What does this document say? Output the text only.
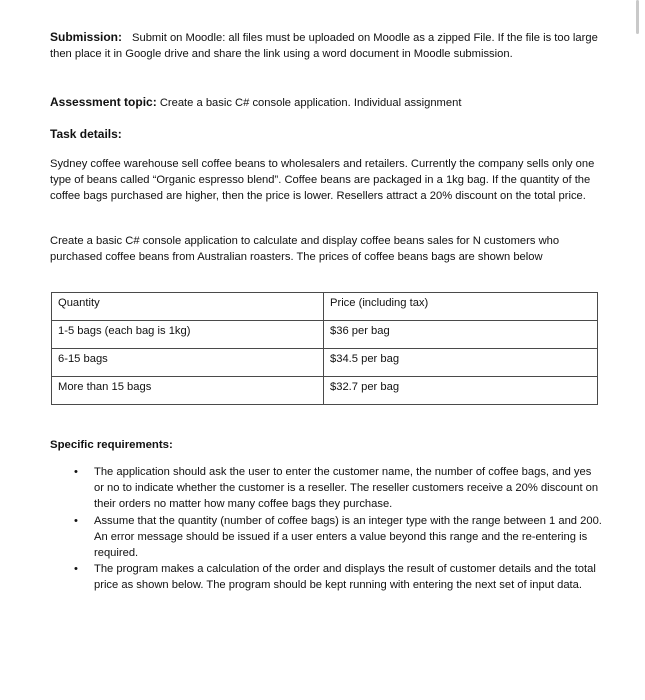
Submission: Submit on Moodle: all files must be uploaded on Moodle as a zipped File. If the file is too large then place it in Google drive and share the link using a word document in Moodle submission.
Assessment topic: Create a basic C# console application. Individual assignment
Task details:
Sydney coffee warehouse sell coffee beans to wholesalers and retailers. Currently the company sells only one type of beans called “Organic espresso blend”. Coffee beans are packaged in a 1kg bag. If the quantity of the coffee bags purchased are higher, then the price is lower. Resellers attract a 20% discount on the total price.
Create a basic C# console application to calculate and display coffee beans sales for N customers who purchased coffee beans from Australian roasters. The prices of coffee beans bags are shown below
Quantity	Price (including tax)
1-5 bags (each bag is 1kg)	$36 per bag
6-15 bags	$34.5 per bag
More than 15 bags	$32.7 per bag
Specific requirements:
• The application should ask the user to enter the customer name, the number of coffee bags, and yes or no to indicate whether the customer is a reseller. The reseller customers receive a 20% discount on their orders no matter how many coffee bags they purchase.
• Assume that the quantity (number of coffee bags) is an integer type with the range between 1 and 200. An error message should be issued if a user enters a value beyond this range and the re-entering is required.
• The program makes a calculation of the order and displays the result of customer details and the total price as shown below. The program should be kept running with entering the next set of input data.
